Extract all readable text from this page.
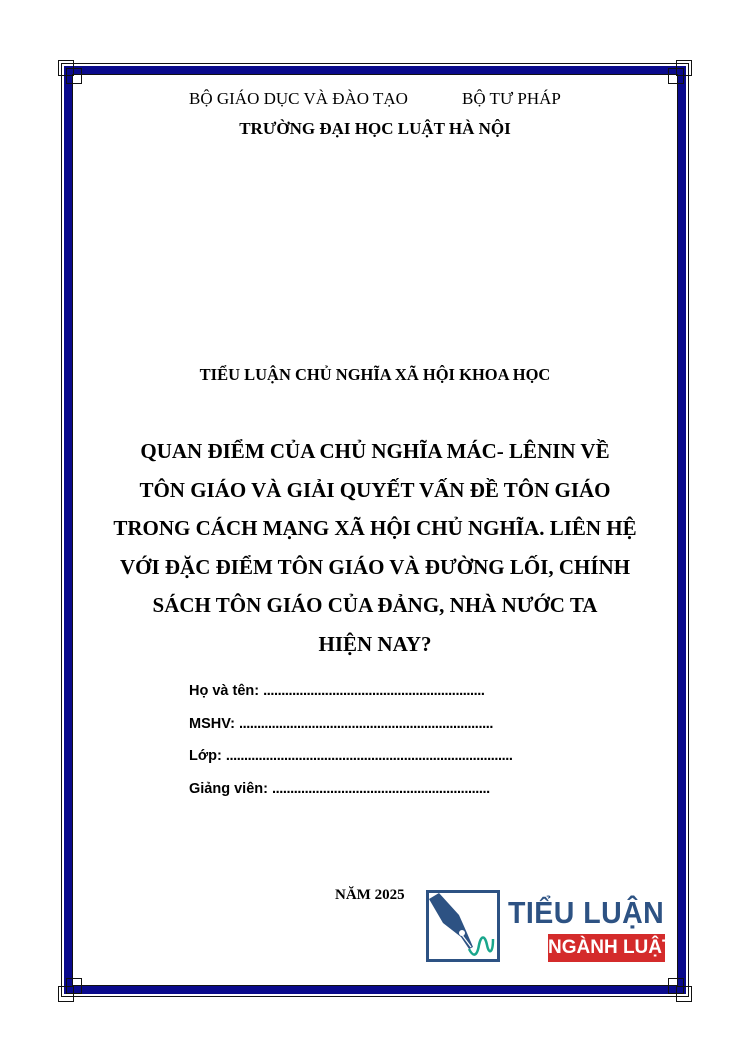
BỘ GIÁO DỤC VÀ ĐÀO TẠO	BỘ TƯ PHÁP
TRƯỜNG ĐẠI HỌC LUẬT HÀ NỘI
TIỂU LUẬN CHỦ NGHĨA XÃ HỘI KHOA HỌC
QUAN ĐIỂM CỦA CHỦ NGHĨA MÁC- LÊNIN VỀ
TÔN GIÁO VÀ GIẢI QUYẾT VẤN ĐỀ TÔN GIÁO
TRONG CÁCH MẠNG XÃ HỘI CHỦ NGHĨA. LIÊN HỆ
VỚI ĐẶC ĐIỂM TÔN GIÁO VÀ ĐƯỜNG LỐI, CHÍNH
SÁCH TÔN GIÁO CỦA ĐẢNG, NHÀ NƯỚC TA
HIỆN NAY?
Họ và tên: .............................................................
MSHV: ......................................................................
Lớp: ...............................................................................
Giảng viên: ............................................................
NĂM 2025	TIỂU LUẬN
NGÀNH LUẬT
